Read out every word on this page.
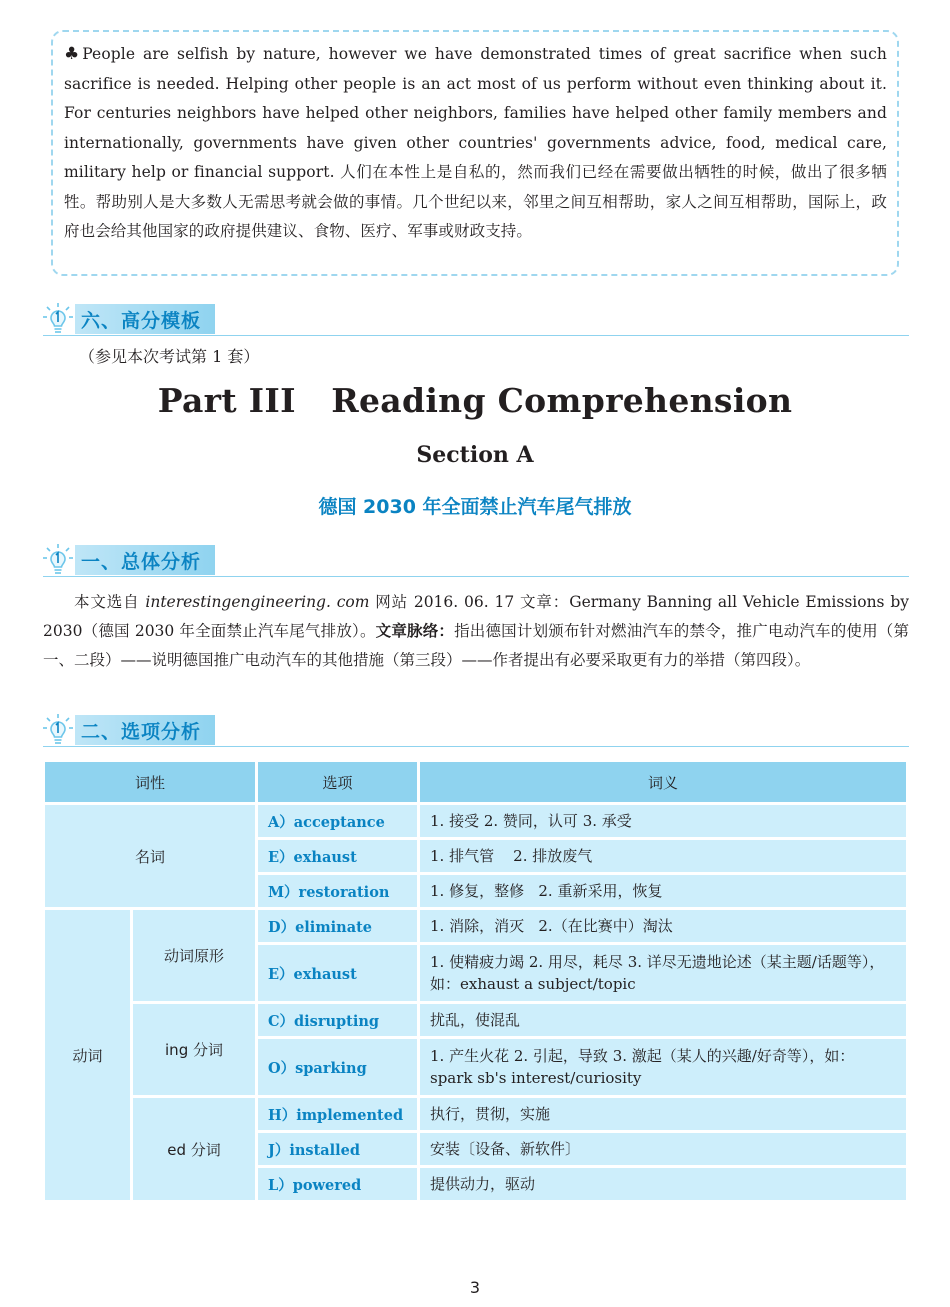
♣People are selfish by nature, however we have demonstrated times of great sacrifice when such sacrifice is needed. Helping other people is an act most of us perform without even thinking about it. For centuries neighbors have helped other neighbors, families have helped other family members and internationally, governments have given other countries' governments advice, food, medical care, military help or financial support. 人们在本性上是自私的，然而我们已经在需要做出牺牲的时候，做出了很多牺牲。帮助别人是大多数人无需思考就会做的事情。几个世纪以来，邻里之间互相帮助，家人之间互相帮助，国际上，政府也会给其他国家的政府提供建议、食物、医疗、军事或财政支持。
六、高分模板
（参见本次考试第 1 套）
Part III   Reading Comprehension
Section A
德国 2030 年全面禁止汽车尾气排放
一、总体分析
本文选自 interestingengineering. com 网站 2016. 06. 17 文章：Germany Banning all Vehicle Emissions by 2030（德国 2030 年全面禁止汽车尾气排放）。文章脉络：指出德国计划颁布针对燃油汽车的禁令，推广电动汽车的使用（第一、二段）——说明德国推广电动汽车的其他措施（第三段）——作者提出有必要采取更有力的举措（第四段）。
二、选项分析
词性		选项	词义
名词		A）acceptance	1. 接受 2. 赞同，认可 3. 承受
		E）exhaust	1. 排气管    2. 排放废气
		M）restoration	1. 修复，整修   2. 重新采用，恢复
动词	动词原形	D）eliminate	1. 消除，消灭   2.（在比赛中）淘汰
		E）exhaust	1. 使精疲力竭 2. 用尽，耗尽 3. 详尽无遗地论述（某主题/话题等），如：exhaust a subject/topic
	ing 分词	C）disrupting	扰乱，使混乱
		O）sparking	1. 产生火花 2. 引起，导致 3. 激起（某人的兴趣/好奇等），如：spark sb's interest/curiosity
	ed 分词	H）implemented	执行，贯彻，实施
		J）installed	安装〔设备、新软件〕
		L）powered	提供动力，驱动
3
